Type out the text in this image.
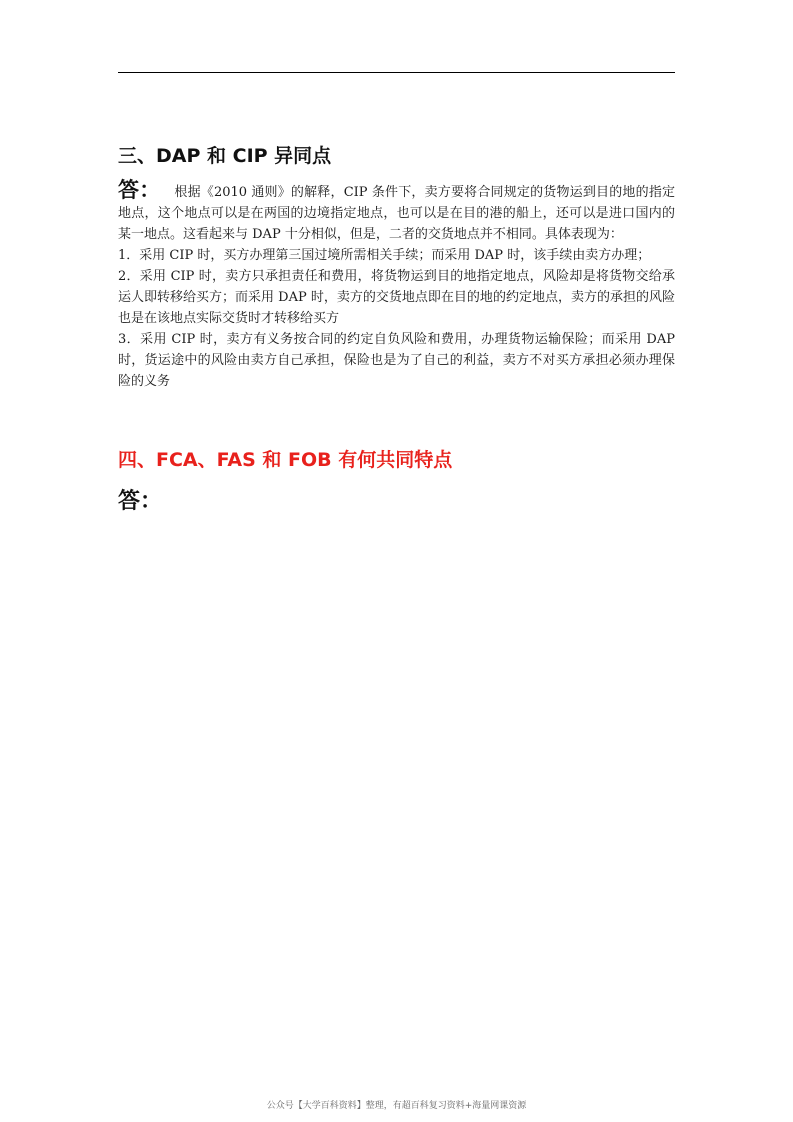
三、DAP 和 CIP 异同点
答： 根据《2010 通则》的解释，CIP 条件下，卖方要将合同规定的货物运到目的地的指定地点，这个地点可以是在两国的边境指定地点，也可以是在目的港的船上，还可以是进口国内的某一地点。这看起来与 DAP 十分相似，但是，二者的交货地点并不相同。具体表现为：

1．采用 CIP 时，买方办理第三国过境所需相关手续；而采用 DAP 时，该手续由卖方办理；

2．采用 CIP 时，卖方只承担责任和费用，将货物运到目的地指定地点，风险却是将货物交给承运人即转移给买方；而采用 DAP 时，卖方的交货地点即在目的地的约定地点，卖方的承担的风险也是在该地点实际交货时才转移给买方

3．采用 CIP 时，卖方有义务按合同的约定自负风险和费用，办理货物运输保险；而采用 DAP 时，货运途中的风险由卖方自己承担，保险也是为了自己的利益，卖方不对买方承担必须办理保险的义务

四、FCA、FAS 和 FOB 有何共同特点
答：
公众号【大学百科资料】整理，有超百科复习资料+海量网课资源
